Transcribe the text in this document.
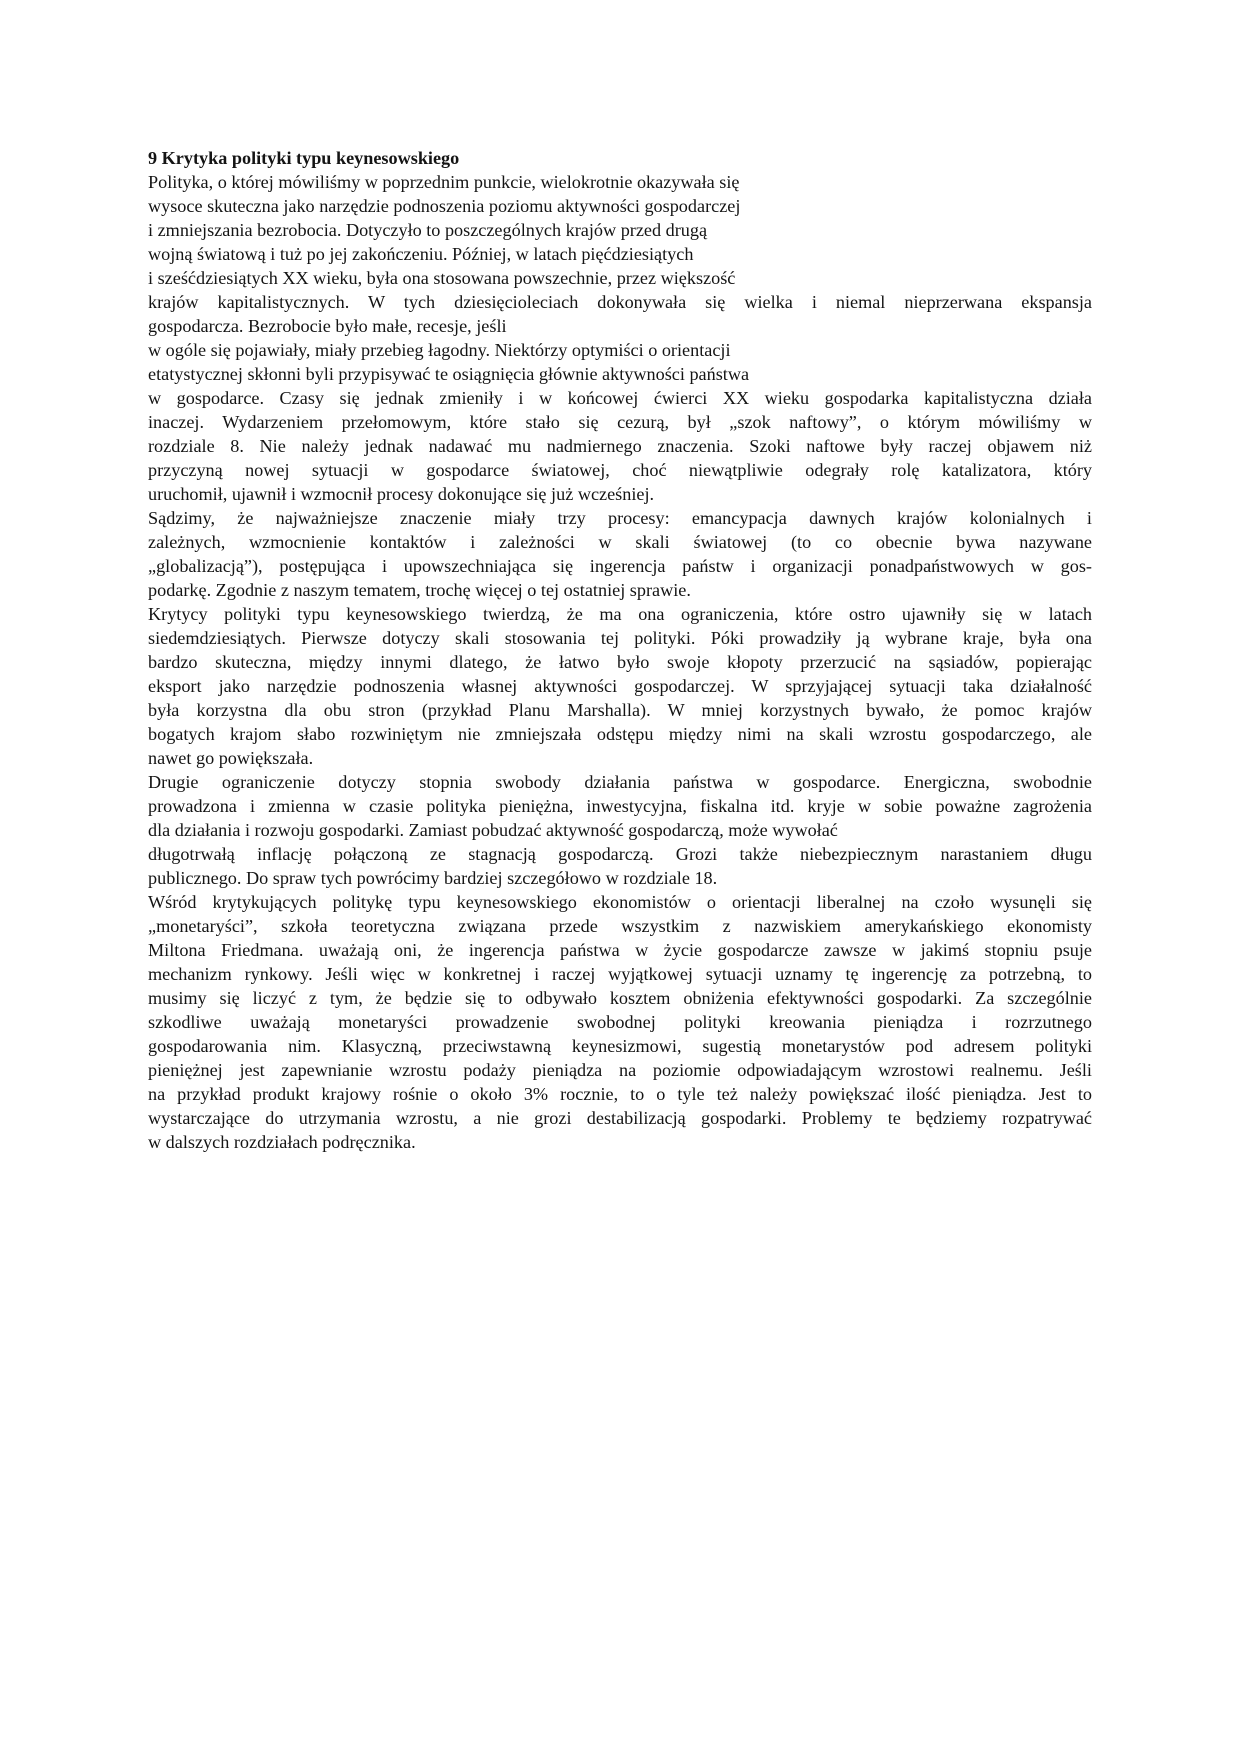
9 Krytyka polityki typu keynesowskiego
Polityka, o której mówiliśmy w poprzednim punkcie, wielokrotnie okazywała się
wysoce skuteczna jako narzędzie podnoszenia poziomu aktywności gospodarczej
i zmniejszania bezrobocia. Dotyczyło to poszczególnych krajów przed drugą
wojną światową i tuż po jej zakończeniu. Później, w latach pięćdziesiątych
i sześćdziesiątych XX wieku, była ona stosowana powszechnie, przez większość
krajów kapitalistycznych. W tych dziesięcioleciach dokonywała się wielka i niemal nieprzerwana ekspansja
gospodarcza. Bezrobocie było małe, recesje, jeśli
w ogóle się pojawiały, miały przebieg łagodny. Niektórzy optymiści o orientacji
etatystycznej skłonni byli przypisywać te osiągnięcia głównie aktywności państwa
w gospodarce. Czasy się jednak zmieniły i w końcowej ćwierci XX wieku gospodarka kapitalistyczna działa
inaczej. Wydarzeniem przełomowym, które stało się cezurą, był „szok naftowy”, o którym mówiliśmy w
rozdziale 8. Nie należy jednak nadawać mu nadmiernego znaczenia. Szoki naftowe były raczej objawem niż
przyczyną nowej sytuacji w gospodarce światowej, choć niewątpliwie odegrały rolę katalizatora, który
uruchomił, ujawnił i wzmocnił procesy dokonujące się już wcześniej.
Sądzimy, że najważniejsze znaczenie miały trzy procesy: emancypacja dawnych krajów kolonialnych i
zależnych, wzmocnienie kontaktów i zależności w skali światowej (to co obecnie bywa nazywane
„globalizacją”), postępująca i upowszechniająca się ingerencja państw i organizacji ponadpaństwowych w gos-
podarkę. Zgodnie z naszym tematem, trochę więcej o tej ostatniej sprawie.
Krytycy polityki typu keynesowskiego twierdzą, że ma ona ograniczenia, które ostro ujawniły się w latach
siedemdziesiątych. Pierwsze dotyczy skali stosowania tej polityki. Póki prowadziły ją wybrane kraje, była ona
bardzo skuteczna, między innymi dlatego, że łatwo było swoje kłopoty przerzucić na sąsiadów, popierając
eksport jako narzędzie podnoszenia własnej aktywności gospodarczej. W sprzyjającej sytuacji taka działalność
była korzystna dla obu stron (przykład Planu Marshalla). W mniej korzystnych bywało, że pomoc krajów
bogatych krajom słabo rozwiniętym nie zmniejszała odstępu między nimi na skali wzrostu gospodarczego, ale
nawet go powiększała.
Drugie ograniczenie dotyczy stopnia swobody działania państwa w gospodarce. Energiczna, swobodnie
prowadzona i zmienna w czasie polityka pieniężna, inwestycyjna, fiskalna itd. kryje w sobie poważne zagrożenia
dla działania i rozwoju gospodarki. Zamiast pobudzać aktywność gospodarczą, może wywołać
długotrwałą inflację połączoną ze stagnacją gospodarczą. Grozi także niebezpiecznym narastaniem długu
publicznego. Do spraw tych powrócimy bardziej szczegółowo w rozdziale 18.
Wśród krytykujących politykę typu keynesowskiego ekonomistów o orientacji liberalnej na czoło wysunęli się
„monetaryści”, szkoła teoretyczna związana przede wszystkim z nazwiskiem amerykańskiego ekonomisty
Miltona Friedmana. uważają oni, że ingerencja państwa w życie gospodarcze zawsze w jakimś stopniu psuje
mechanizm rynkowy. Jeśli więc w konkretnej i raczej wyjątkowej sytuacji uznamy tę ingerencję za potrzebną, to
musimy się liczyć z tym, że będzie się to odbywało kosztem obniżenia efektywności gospodarki. Za szczególnie
szkodliwe uważają monetaryści prowadzenie swobodnej polityki kreowania pieniądza i rozrzutnego
gospodarowania nim. Klasyczną, przeciwstawną keynesizmowi, sugestią monetarystów pod adresem polityki
pieniężnej jest zapewnianie wzrostu podaży pieniądza na poziomie odpowiadającym wzrostowi realnemu. Jeśli
na przykład produkt krajowy rośnie o około 3% rocznie, to o tyle też należy powiększać ilość pieniądza. Jest to
wystarczające do utrzymania wzrostu, a nie grozi destabilizacją gospodarki. Problemy te będziemy rozpatrywać
w dalszych rozdziałach podręcznika.
